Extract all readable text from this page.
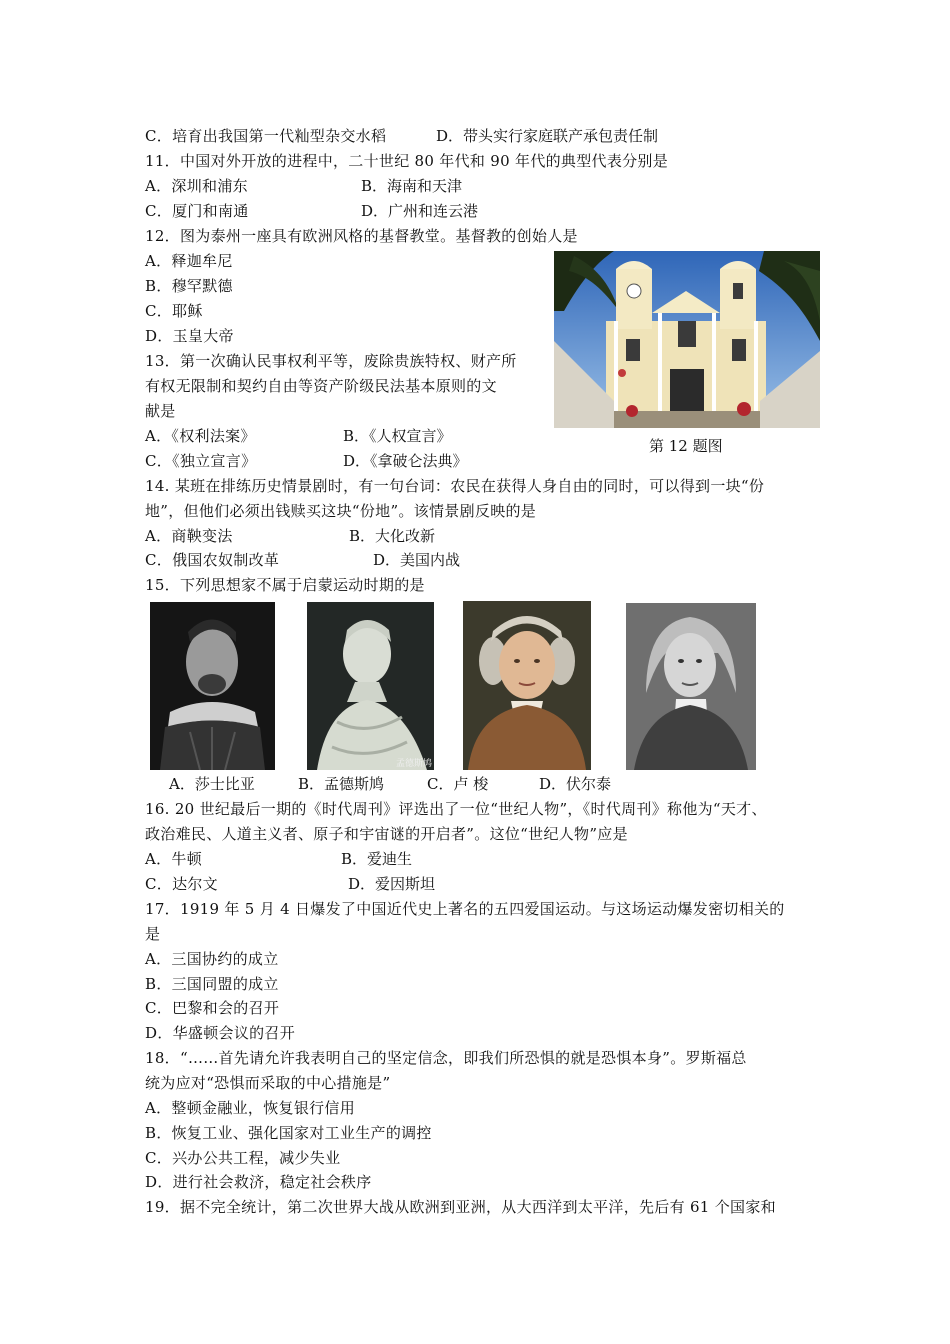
C．培育出我国第一代籼型杂交水稻	D．带头实行家庭联产承包责任制
11．中国对外开放的进程中，二十世纪 80 年代和 90 年代的典型代表分别是
A．深圳和浦东	B．海南和天津
C．厦门和南通	D．广州和连云港
12．图为泰州一座具有欧洲风格的基督教堂。基督教的创始人是
A．释迦牟尼
B．穆罕默德
C．耶稣
D．玉皇大帝
第 12 题图
13．第一次确认民事权利平等，废除贵族特权、财产所
有权无限制和契约自由等资产阶级民法基本原则的文
献是
A．《权利法案》	B．《人权宣言》
C．《独立宣言》	D．《拿破仑法典》
14. 某班在排练历史情景剧时，有一句台词：农民在获得人身自由的同时，可以得到一块“份
地”，但他们必须出钱赎买这块“份地”。该情景剧反映的是
A．商鞅变法	B．大化改新
C．俄国农奴制改革	D．美国内战
15．下列思想家不属于启蒙运动时期的是
孟德斯鸠
A．莎士比亚	B．孟德斯鸠	C．卢 梭	D．伏尔泰
16. 20 世纪最后一期的《时代周刊》评选出了一位“世纪人物”，《时代周刊》称他为“天才、
政治难民、人道主义者、原子和宇宙谜的开启者”。这位“世纪人物”应是
A．牛顿	B．爱迪生
C．达尔文	D．爱因斯坦
17．1919 年 5 月 4 日爆发了中国近代史上著名的五四爱国运动。与这场运动爆发密切相关的
是
A．三国协约的成立
B．三国同盟的成立
C．巴黎和会的召开
D．华盛顿会议的召开
18．“……首先请允许我表明自己的坚定信念，即我们所恐惧的就是恐惧本身”。罗斯福总
统为应对“恐惧而采取的中心措施是”
A．整顿金融业，恢复银行信用
B．恢复工业、强化国家对工业生产的调控
C．兴办公共工程，减少失业
D．进行社会救济，稳定社会秩序
19．据不完全统计，第二次世界大战从欧洲到亚洲，从大西洋到太平洋，先后有 61 个国家和
